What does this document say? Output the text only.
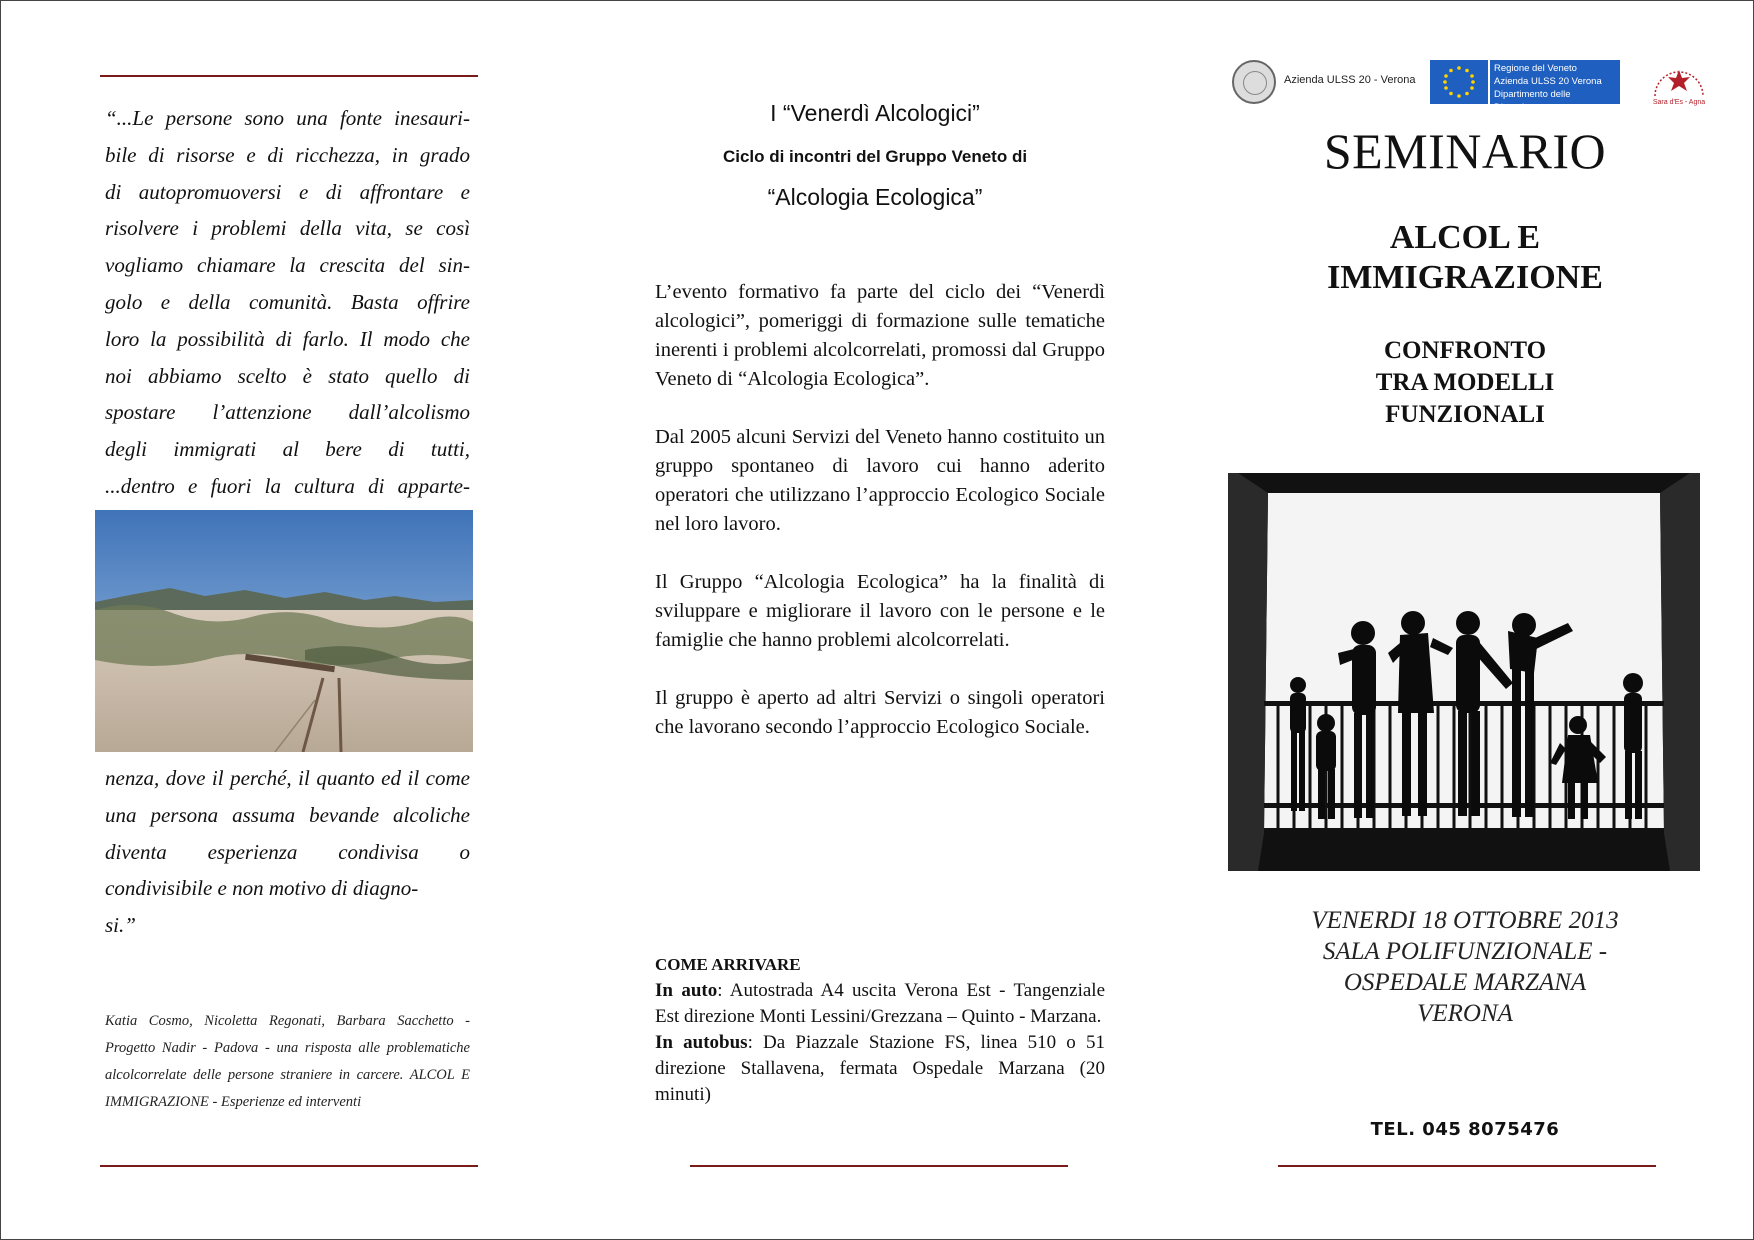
“...Le persone sono una fonte inesauri-
bile di risorse e di ricchezza, in grado
di autopromuoversi e di affrontare e
risolvere i problemi della vita, se così
vogliamo chiamare la crescita del sin-
golo e della comunità. Basta offrire
loro la possibilità di farlo. Il modo che
noi abbiamo scelto è stato quello di
spostare l’attenzione dall’alcolismo
degli immigrati al bere di tutti,
...dentro e fuori la cultura di apparte-
nenza, dove il perché, il quanto ed il come una persona assuma bevande alcoliche diventa esperienza condivisa o condivisibile e non motivo di diagno-
si.”
Katia Cosmo, Nicoletta Regonati, Barbara Sacchetto - Progetto Nadir - Padova - una risposta alle problematiche alcolcorrelate delle persone straniere in carcere. ALCOL E IMMIGRAZIONE - Esperienze ed interventi
I “Venerdì Alcologici”
Ciclo di incontri del Gruppo Veneto di
“Alcologia Ecologica”

L’evento formativo fa parte del ciclo dei “Venerdì alcologici”, pomeriggi di formazione sulle tematiche inerenti i problemi alcolcorrelati, promossi dal Gruppo Veneto di “Alcologia Ecologica”.

Dal 2005 alcuni Servizi del Veneto hanno costituito un gruppo spontaneo di lavoro cui hanno aderito operatori che utilizzano l’approccio Ecologico Sociale nel loro lavoro.

Il Gruppo “Alcologia Ecologica” ha la finalità di sviluppare e migliorare il lavoro con le persone e le famiglie che hanno problemi alcolcorrelati.

Il gruppo è aperto ad altri Servizi o singoli operatori che lavorano secondo l’approccio Ecologico Sociale.

COME ARRIVARE
In auto: Autostrada A4 uscita Verona Est - Tangenziale Est direzione Monti Lessini/Grezzana – Quinto - Marzana.
In autobus: Da Piazzale Stazione FS, linea 510 o 51 direzione Stallavena, fermata Ospedale Marzana (20 minuti)
Azienda ULSS 20 - Verona
Regione del Veneto
Azienda ULSS 20 Verona
Dipartimento delle Dipendenze	Sara d'Es - Agna
SEMINARIO
ALCOL E
IMMIGRAZIONE
CONFRONTO
TRA MODELLI
FUNZIONALI
VENERDI 18 OTTOBRE 2013
SALA POLIFUNZIONALE -
OSPEDALE MARZANA
VERONA
TEL. 045 8075476
